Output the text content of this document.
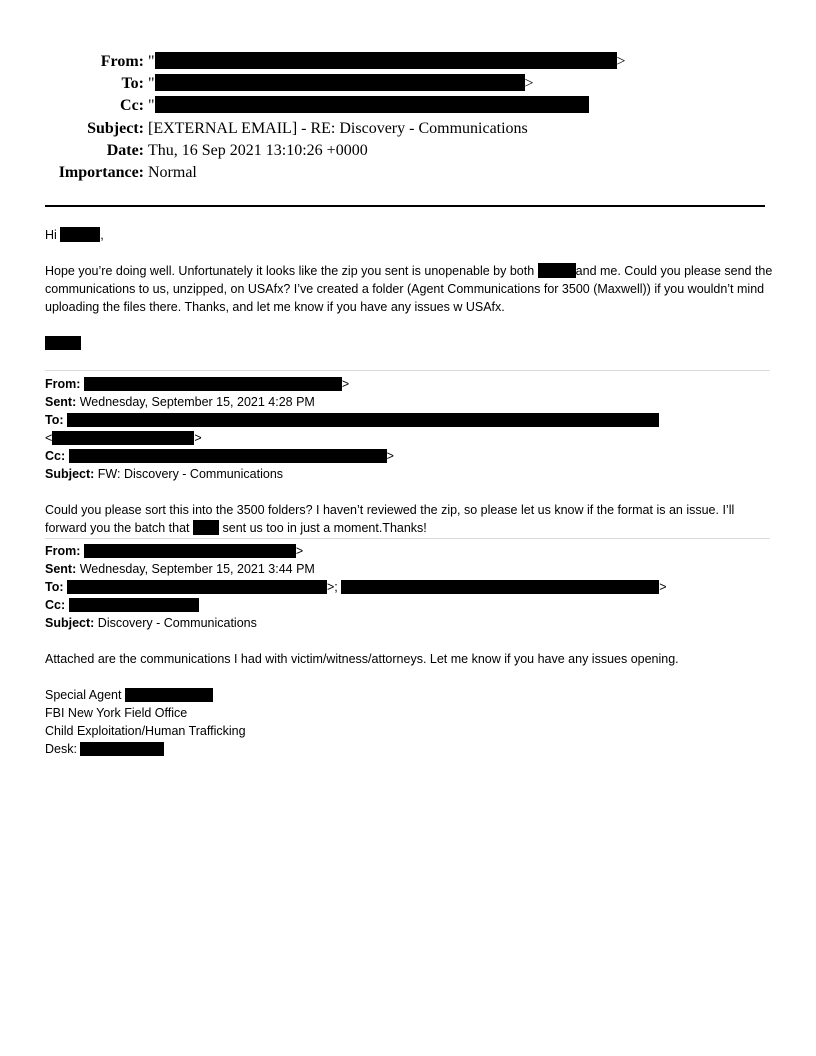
From: "	>
To: "	>
Cc: "
Subject: [EXTERNAL EMAIL] - RE: Discovery - Communications
Date: Thu, 16 Sep 2021 13:10:26 +0000
Importance: Normal
Hi	,
Hope you’re doing well. Unfortunately it looks like the zip you sent is unopenable by both	and me. Could you please send the communications to us, unzipped, on USAfx? I’ve created a folder (Agent Communications for 3500 (Maxwell)) if you wouldn’t mind uploading the files there. Thanks, and let me know if you have any issues w USAfx.
From:	>
Sent: Wednesday, September 15, 2021 4:28 PM
To:
<	>
Cc:	>
Subject: FW: Discovery - Communications
Could you please sort this into the 3500 folders? I haven’t reviewed the zip, so please let us know if the format is an issue. I’ll forward you the batch that	sent us too in just a moment.Thanks!
From:	>
Sent: Wednesday, September 15, 2021 3:44 PM
To:	>;	>
Cc:
Subject: Discovery - Communications
Attached are the communications I had with victim/witness/attorneys. Let me know if you have any issues opening.
Special Agent
FBI New York Field Office
Child Exploitation/Human Trafficking
Desk:
